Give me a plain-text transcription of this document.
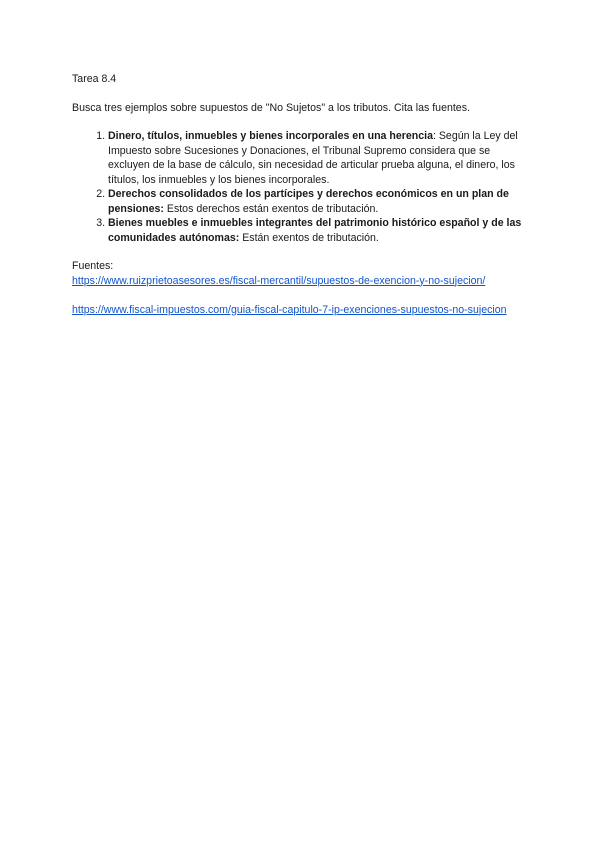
Tarea 8.4

Busca tres ejemplos sobre supuestos de "No Sujetos" a los tributos. Cita las fuentes.

1. Dinero, títulos, inmuebles y bienes incorporales en una herencia: Según la Ley del Impuesto sobre Sucesiones y Donaciones, el Tribunal Supremo considera que se excluyen de la base de cálculo, sin necesidad de articular prueba alguna, el dinero, los títulos, los inmuebles y los bienes incorporales.
2. Derechos consolidados de los partícipes y derechos económicos en un plan de pensiones: Estos derechos están exentos de tributación.
3. Bienes muebles e inmuebles integrantes del patrimonio histórico español y de las comunidades autónomas: Están exentos de tributación.
Fuentes:
https://www.ruizprietoasesores.es/fiscal-mercantil/supuestos-de-exencion-y-no-sujecion/
https://www.fiscal-impuestos.com/guia-fiscal-capitulo-7-ip-exenciones-supuestos-no-sujecion
